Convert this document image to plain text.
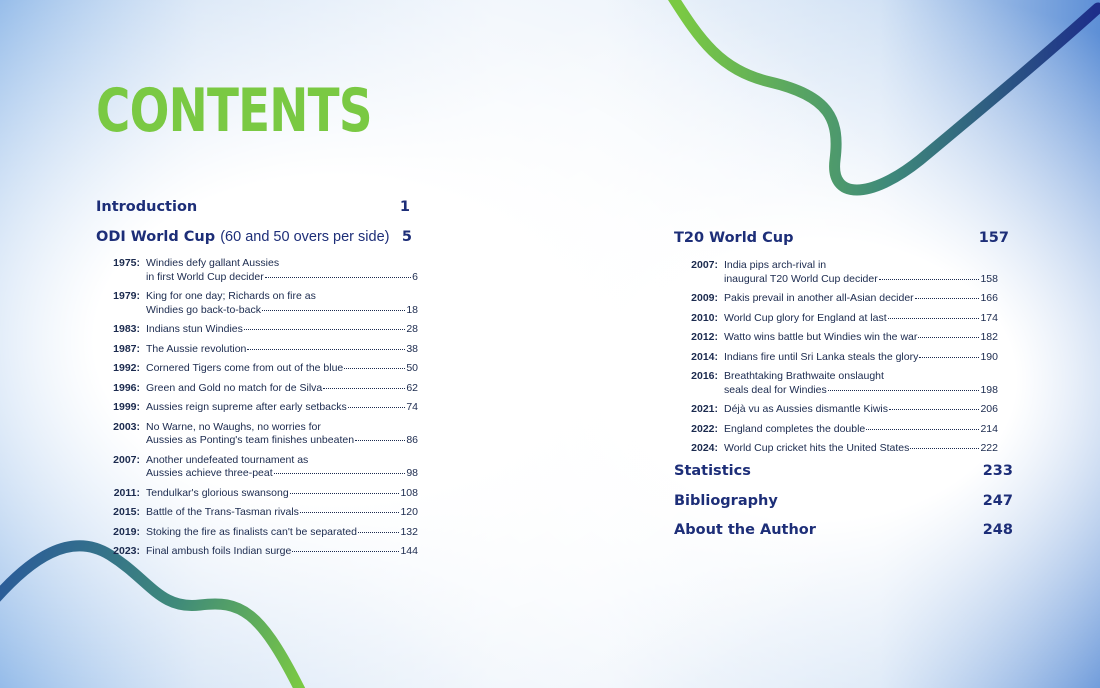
CONTENTS
Introduction	1
ODI World Cup (60 and 50 overs per side) 5
1975: Windies defy gallant Aussies
in first World Cup decider	6
1979: King for one day; Richards on fire as
Windies go back-to-back	18
1983: Indians stun Windies	28
1987: The Aussie revolution	38
1992: Cornered Tigers come from out of the blue	50
1996: Green and Gold no match for de Silva	62
1999: Aussies reign supreme after early setbacks	74
2003: No Warne, no Waughs, no worries for
Aussies as Ponting's team finishes unbeaten	86
2007: Another undefeated tournament as
Aussies achieve three-peat	98
2011: Tendulkar's glorious swansong	108
2015: Battle of the Trans-Tasman rivals	120
2019: Stoking the fire as finalists can't be separated	132
2023: Final ambush foils Indian surge	144
T20 World Cup	157
2007: India pips arch-rival in
inaugural T20 World Cup decider	158
2009: Pakis prevail in another all-Asian decider	166
2010: World Cup glory for England at last	174
2012: Watto wins battle but Windies win the war	182
2014: Indians fire until Sri Lanka steals the glory	190
2016: Breathtaking Brathwaite onslaught
seals deal for Windies	198
2021: Déjà vu as Aussies dismantle Kiwis	206
2022: England completes the double	214
2024: World Cup cricket hits the United States	222
Statistics	233
Bibliography	247
About the Author	248
